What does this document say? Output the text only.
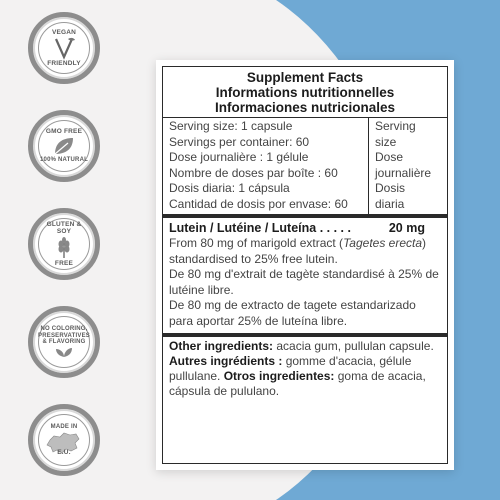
VEGAN
FRIENDLY
GMO FREE
100% NATURAL
GLUTEN & SOY
FREE
NO COLORING,
PRESERVATIVES
& FLAVORING
MADE IN
E.U.
Supplement Facts
Informations nutritionnelles
Informaciones nutricionales
Serving size: 1 capsule
Servings per container: 60
Dose journalière : 1 gélule
Nombre de doses par boîte : 60
Dosis diaria: 1 cápsula
Cantidad de dosis por envase: 60
Serving
size
Dose
journalière
Dosis
diaria
Lutein / Lutéine / Luteína . . . . .	20 mg

From 80 mg of marigold extract (Tagetes erecta) standardised to 25% free lutein.

De 80 mg d'extrait de tagète standardisé à 25% de lutéine libre.

De 80 mg de extracto de tagete estandarizado para aportar 25% de luteína libre.

Other ingredients: acacia gum, pullulan capsule. Autres ingrédients : gomme d'acacia, gélule pullulane. Otros ingredientes: goma de acacia, cápsula de pululano.
